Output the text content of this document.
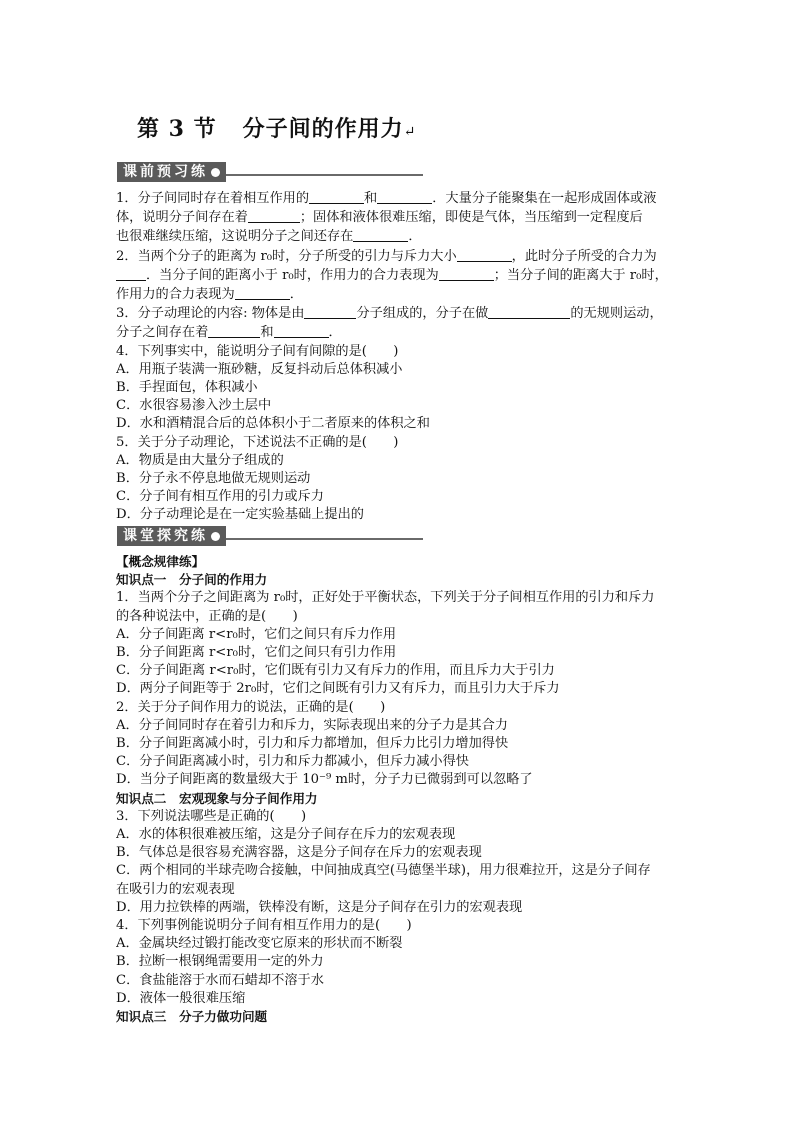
第 3 节 分子间的作用力↵
课前预习练

1．分子间同时存在着相互作用的	和	．大量分子能聚集在一起形成固体或液

体，说明分子间存在着	；固体和液体很难压缩，即使是气体，当压缩到一定程度后

也很难继续压缩，这说明分子之间还存在	．

2．当两个分子的距离为 r₀时，分子所受的引力与斥力大小	，此时分子所受的合力为

．当分子间的距离小于 r₀时，作用力的合力表现为	；当分子间的距离大于 r₀时，

作用力的合力表现为	．

3．分子动理论的内容: 物体是由	分子组成的，分子在做	的无规则运动，

分子之间存在着	和	．

4．下列事实中，能说明分子间有间隙的是(　　)

A．用瓶子装满一瓶砂糖，反复抖动后总体积减小

B．手捏面包，体积减小

C．水很容易渗入沙土层中

D．水和酒精混合后的总体积小于二者原来的体积之和

5．关于分子动理论，下述说法不正确的是(　　)

A．物质是由大量分子组成的

B．分子永不停息地做无规则运动

C．分子间有相互作用的引力或斥力

D．分子动理论是在一定实验基础上提出的

课堂探究练

【概念规律练】

知识点一　分子间的作用力

1．当两个分子之间距离为 r₀时，正好处于平衡状态，下列关于分子间相互作用的引力和斥力

的各种说法中，正确的是(　　)

A．分子间距离 r<r₀时，它们之间只有斥力作用

B．分子间距离 r<r₀时，它们之间只有引力作用

C．分子间距离 r<r₀时，它们既有引力又有斥力的作用，而且斥力大于引力

D．两分子间距等于 2r₀时，它们之间既有引力又有斥力，而且引力大于斥力

2．关于分子间作用力的说法，正确的是(　　)

A．分子间同时存在着引力和斥力，实际表现出来的分子力是其合力

B．分子间距离减小时，引力和斥力都增加，但斥力比引力增加得快

C．分子间距离减小时，引力和斥力都减小，但斥力减小得快

D．当分子间距离的数量级大于 10⁻⁹ m时，分子力已微弱到可以忽略了

知识点二　宏观现象与分子间作用力

3．下列说法哪些是正确的(　　)

A．水的体积很难被压缩，这是分子间存在斥力的宏观表现

B．气体总是很容易充满容器，这是分子间存在斥力的宏观表现

C．两个相同的半球壳吻合接触，中间抽成真空(马德堡半球)，用力很难拉开，这是分子间存

在吸引力的宏观表现

D．用力拉铁棒的两端，铁棒没有断，这是分子间存在引力的宏观表现

4．下列事例能说明分子间有相互作用力的是(　　)

A．金属块经过锻打能改变它原来的形状而不断裂

B．拉断一根钢绳需要用一定的外力

C．食盐能溶于水而石蜡却不溶于水

D．液体一般很难压缩

知识点三　分子力做功问题
